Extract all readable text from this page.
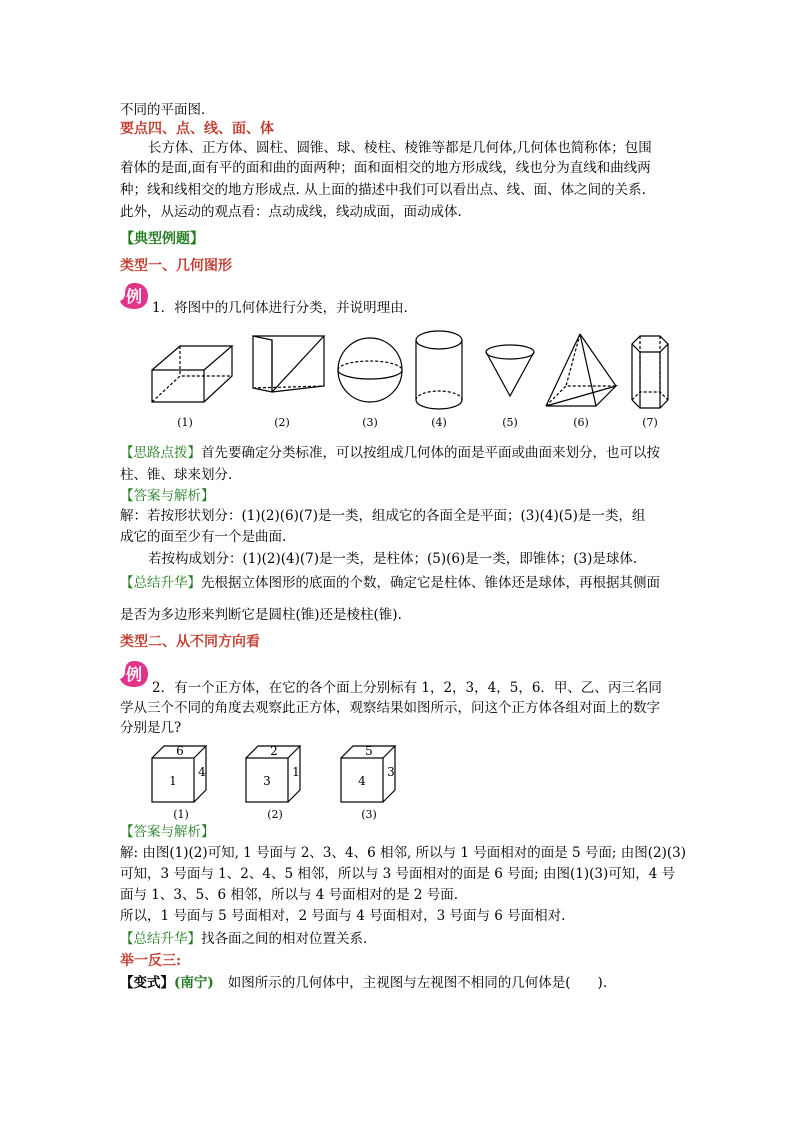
不同的平面图．
要点四、点、线、面、体
长方体、正方体、圆柱、圆锥、球、棱柱、棱锥等都是几何体,几何体也简称体；包围
着体的是面,面有平的面和曲的面两种；面和面相交的地方形成线，线也分为直线和曲线两
种；线和线相交的地方形成点. 从上面的描述中我们可以看出点、线、面、体之间的关系.
此外，从运动的观点看：点动成线，线动成面，面动成体.
【典型例题】
类型一、几何图形
例
1．将图中的几何体进行分类，并说明理由．
(1)	(2)	(3)	(4)	(5)	(6)	(7)
【思路点拨】首先要确定分类标准，可以按组成几何体的面是平面或曲面来划分，也可以按
柱、锥、球来划分.
【答案与解析】
解：若按形状划分：(1)(2)(6)(7)是一类，组成它的各面全是平面；(3)(4)(5)是一类，组
成它的面至少有一个是曲面.
若按构成划分：(1)(2)(4)(7)是一类，是柱体；(5)(6)是一类，即锥体；(3)是球体.
【总结升华】先根据立体图形的底面的个数，确定它是柱体、锥体还是球体，再根据其侧面
是否为多边形来判断它是圆柱(锥)还是棱柱(锥).
类型二、从不同方向看
例
2．有一个正方体，在它的各个面上分别标有 1，2，3，4，5，6．甲、乙、丙三名同
学从三个不同的角度去观察此正方体，观察结果如图所示，问这个正方体各组对面上的数字
分别是几?
6
1
4
2
3
1
5
4
3
(1)	(2)	(3)
【答案与解析】
解: 由图(1)(2)可知, 1 号面与 2、3、4、6 相邻, 所以与 1 号面相对的面是 5 号面; 由图(2)(3)
可知，3 号面与 1、2、4、5 相邻，所以与 3 号面相对的面是 6 号面; 由图(1)(3)可知，4 号
面与 1、3、5、6 相邻，所以与 4 号面相对的是 2 号面.
所以，1 号面与 5 号面相对，2 号面与 4 号面相对，3 号面与 6 号面相对.
【总结升华】找各面之间的相对位置关系.
举一反三:
【变式】(南宁) 如图所示的几何体中，主视图与左视图不相同的几何体是(　　).
